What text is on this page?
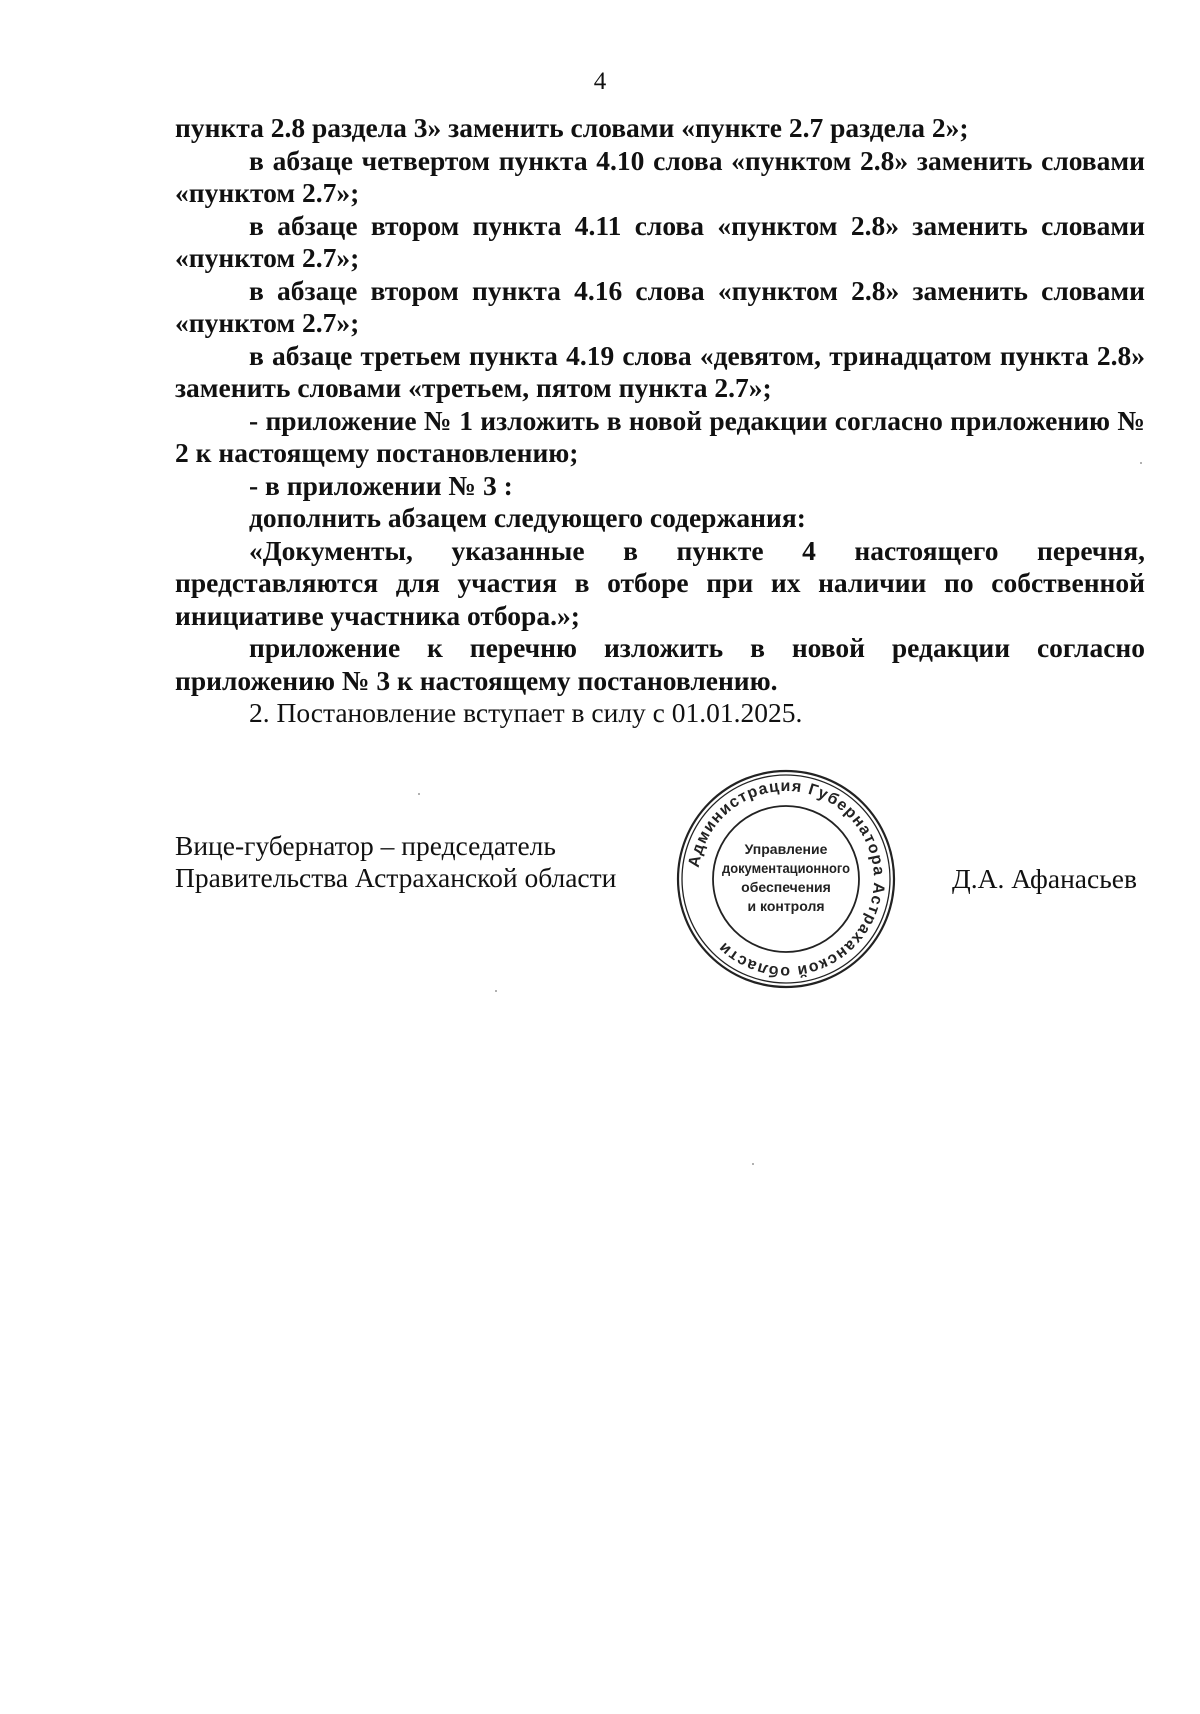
4

пункта 2.8 раздела 3» заменить словами «пункте 2.7 раздела 2»;

в абзаце четвертом пункта 4.10 слова «пунктом 2.8» заменить словами «пунктом 2.7»;

в абзаце втором пункта 4.11 слова «пунктом 2.8» заменить словами «пунктом 2.7»;

в абзаце втором пункта 4.16 слова «пунктом 2.8» заменить словами «пунктом 2.7»;

в абзаце третьем пункта 4.19 слова «девятом, тринадцатом пункта 2.8» заменить словами «третьем, пятом пункта 2.7»;

- приложение № 1 изложить в новой редакции согласно приложению № 2 к настоящему постановлению;

- в приложении № 3 :

дополнить абзацем следующего содержания:

«Документы, указанные в пункте 4 настоящего перечня, представляются для участия в отборе при их наличии по собственной инициативе участника отбора.»;

приложение к перечню изложить в новой редакции согласно приложению № 3 к настоящему постановлению.

2. Постановление вступает в силу с 01.01.2025.

Вице-губернатор – председатель
Правительства Астраханской области
Администрация Губернатора Астраханской области
Управление
документационного
обеспечения
и контроля
Д.А. Афанасьев
